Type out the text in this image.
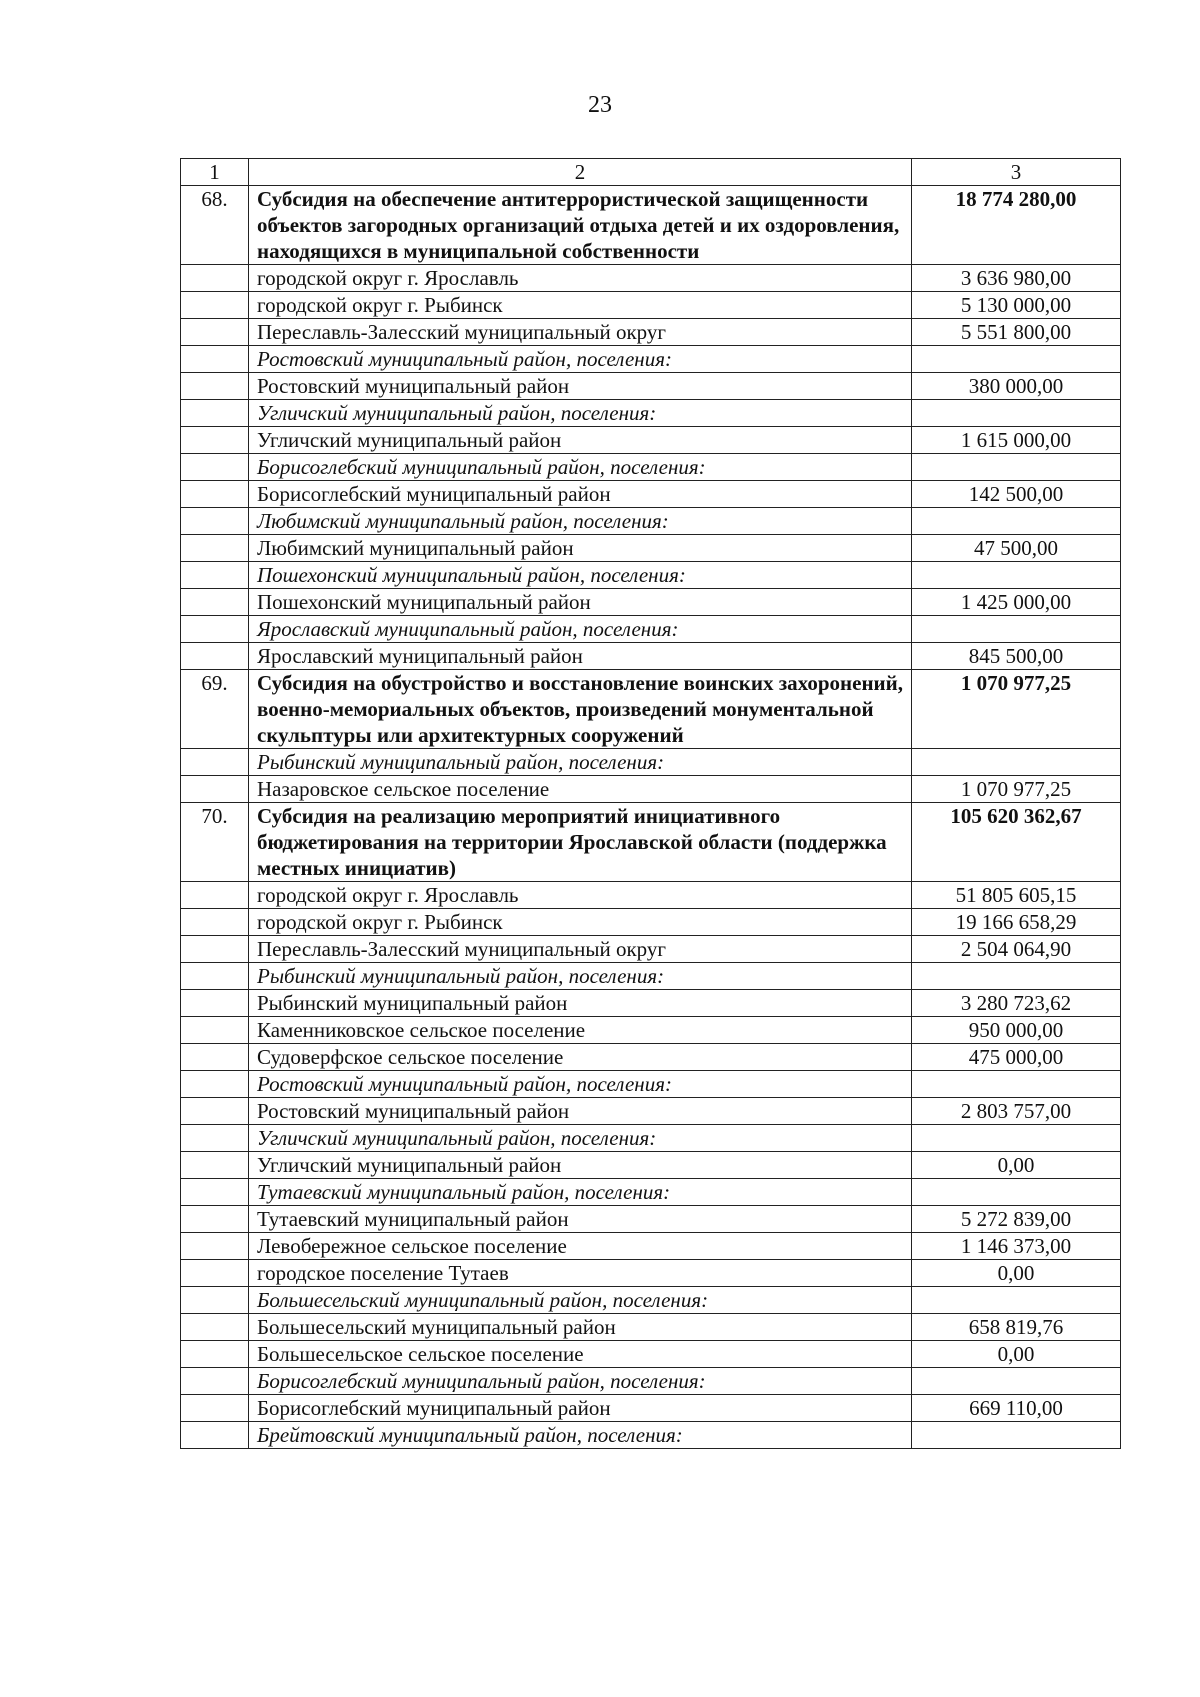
23
1	2	3
68.	Субсидия на обеспечение антитеррористической защищенности объектов загородных организаций отдыха детей и их оздоровления, находящихся в муниципальной собственности	18 774 280,00
	городской округ г. Ярославль	3 636 980,00
	городской округ г. Рыбинск	5 130 000,00
	Переславль-Залесский муниципальный округ	5 551 800,00
	Ростовский муниципальный район, поселения:	
	Ростовский муниципальный район	380 000,00
	Угличский муниципальный район, поселения:	
	Угличский муниципальный район	1 615 000,00
	Борисоглебский муниципальный район, поселения:	
	Борисоглебский муниципальный район	142 500,00
	Любимский муниципальный район, поселения:	
	Любимский муниципальный район	47 500,00
	Пошехонский муниципальный район, поселения:	
	Пошехонский муниципальный район	1 425 000,00
	Ярославский муниципальный район, поселения:	
	Ярославский муниципальный район	845 500,00
69.	Субсидия на обустройство и восстановление воинских захоронений, военно-мемориальных объектов, произведений монументальной скульптуры или архитектурных сооружений	1 070 977,25
	Рыбинский муниципальный район, поселения:	
	Назаровское сельское поселение	1 070 977,25
70.	Субсидия на реализацию мероприятий инициативного бюджетирования на территории Ярославской области (поддержка местных инициатив)	105 620 362,67
	городской округ г. Ярославль	51 805 605,15
	городской округ г. Рыбинск	19 166 658,29
	Переславль-Залесский муниципальный округ	2 504 064,90
	Рыбинский муниципальный район, поселения:	
	Рыбинский муниципальный район	3 280 723,62
	Каменниковское сельское поселение	950 000,00
	Судоверфское сельское поселение	475 000,00
	Ростовский муниципальный район, поселения:	
	Ростовский муниципальный район	2 803 757,00
	Угличский муниципальный район, поселения:	
	Угличский муниципальный район	0,00
	Тутаевский муниципальный район, поселения:	
	Тутаевский муниципальный район	5 272 839,00
	Левобережное сельское поселение	1 146 373,00
	городское поселение Тутаев	0,00
	Большесельский муниципальный район, поселения:	
	Большесельский муниципальный район	658 819,76
	Большесельское сельское поселение	0,00
	Борисоглебский муниципальный район, поселения:	
	Борисоглебский муниципальный район	669 110,00
	Брейтовский муниципальный район, поселения:	
